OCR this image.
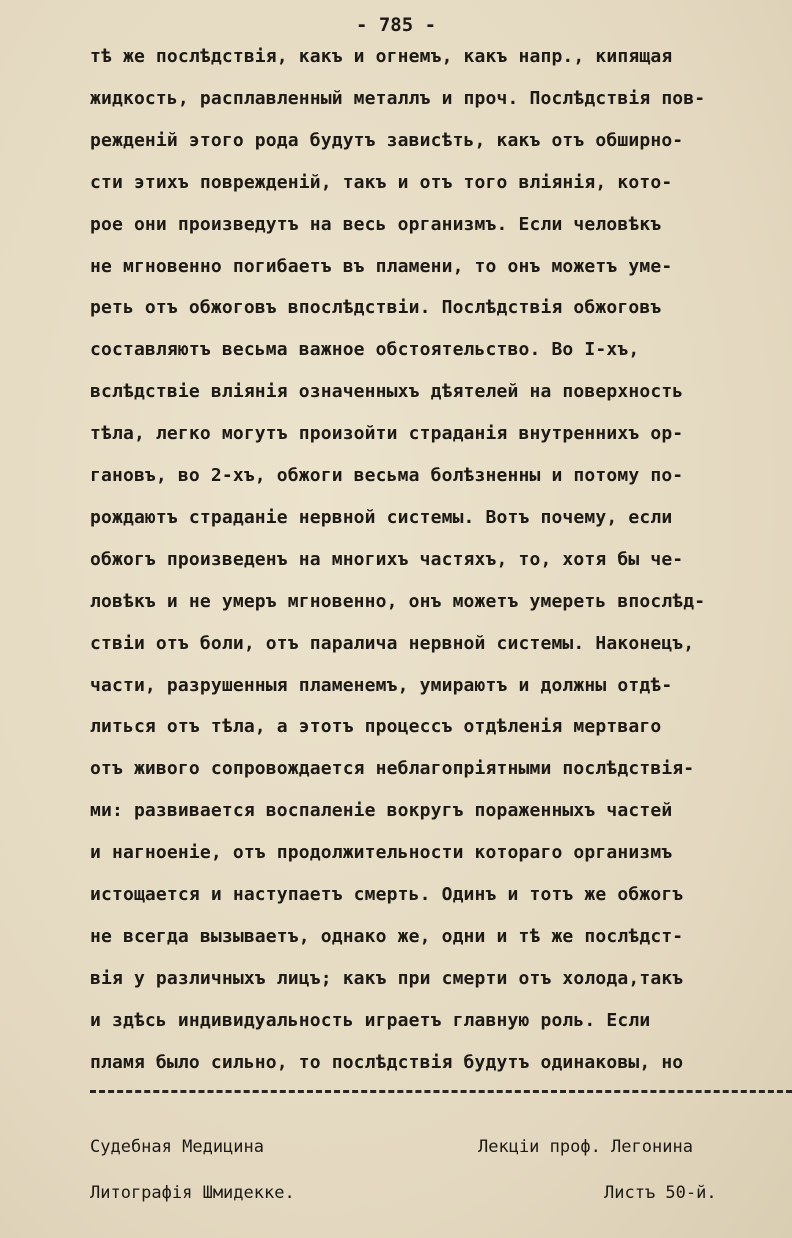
- 785 -
тѣ же послѣдствія, какъ и огнемъ, какъ напр., кипящая
жидкость, расплавленный металлъ и проч. Послѣдствія пов-
режденій этого рода будутъ зависѣть, какъ отъ обширно-
сти этихъ поврежденій, такъ и отъ того вліянія, кото-
рое они произведутъ на весь организмъ. Если человѣкъ
не мгновенно погибаетъ въ пламени, то онъ можетъ уме-
реть отъ обжоговъ впослѣдствіи. Послѣдствія обжоговъ
составляютъ весьма важное обстоятельство. Во I-хъ,
вслѣдствіе вліянія означенныхъ дѣятелей на поверхность
тѣла, легко могутъ произойти страданія внутреннихъ ор-
гановъ, во 2-хъ, обжоги весьма болѣзненны и потому по-
рождаютъ страданіе нервной системы. Вотъ почему, если
обжогъ произведенъ на многихъ частяхъ, то, хотя бы че-
ловѣкъ и не умеръ мгновенно, онъ можетъ умереть впослѣд-
ствіи отъ боли, отъ паралича нервной системы. Наконецъ,
части, разрушенныя пламенемъ, умираютъ и должны отдѣ-
литься отъ тѣла, а этотъ процессъ отдѣленія мертваго
отъ живого сопровождается неблагопріятными послѣдствія-
ми: развивается воспаленіе вокругъ пораженныхъ частей
и нагноеніе, отъ продолжительности котораго организмъ
истощается и наступаетъ смерть. Одинъ и тотъ же обжогъ
не всегда вызываетъ, однако же, одни и тѣ же послѣдст-
вія у различныхъ лицъ; какъ при смерти отъ холода,такъ
и здѣсь индивидуальность играетъ главную роль. Если
пламя было сильно, то послѣдствія будутъ одинаковы, но
Судебная Медицина	Лекціи проф. Легонина
Литографія Шмидекке.	Листъ 50-й.
